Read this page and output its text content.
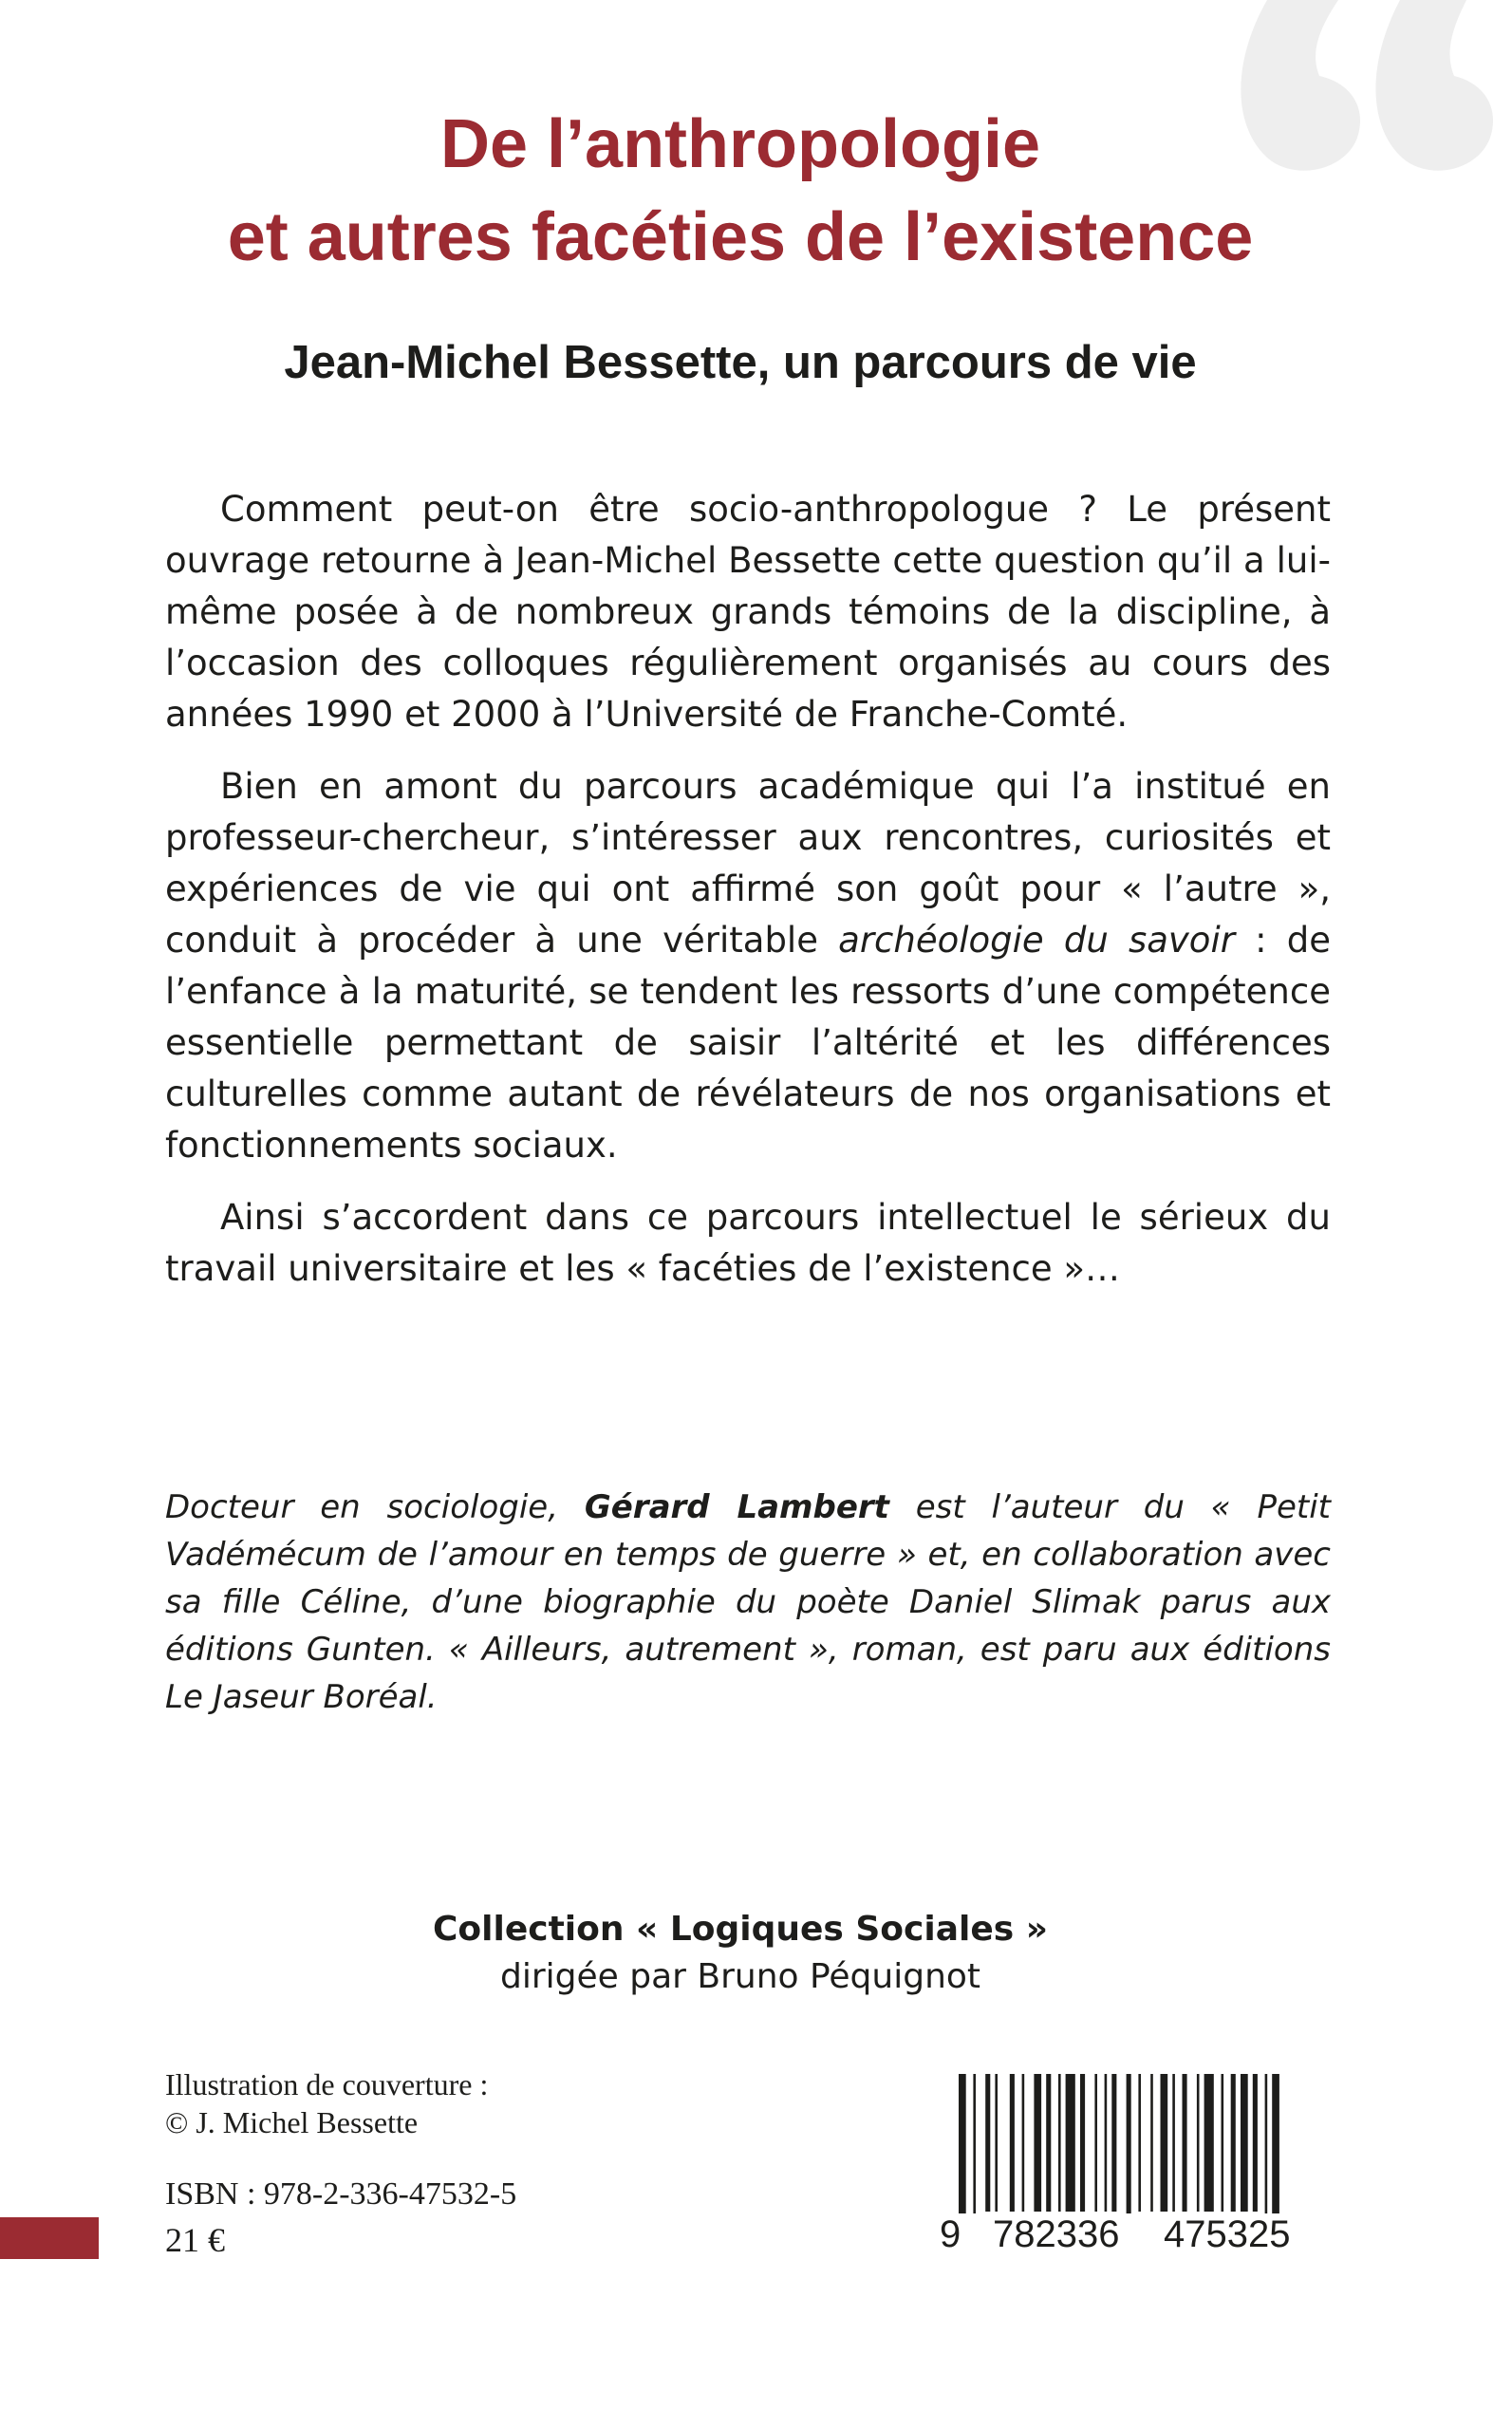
De l’anthropologie
et autres facéties de l’existence
Jean-Michel Bessette, un parcours de vie

Comment peut-on être socio-anthropologue ? Le présent ouvrage retourne à Jean-Michel Bessette cette question qu’il a lui-même posée à de nombreux grands témoins de la discipline, à l’occasion des colloques régulièrement organisés au cours des années 1990 et 2000 à l’Université de Franche-Comté.

Bien en amont du parcours académique qui l’a institué en professeur-chercheur, s’intéresser aux rencontres, curiosités et expériences de vie qui ont affirmé son goût pour « l’autre », conduit à procéder à une véritable archéologie du savoir : de l’enfance à la maturité, se tendent les ressorts d’une compétence essentielle permettant de saisir l’altérité et les différences culturelles comme autant de révélateurs de nos organisations et fonctionnements sociaux.

Ainsi s’accordent dans ce parcours intellectuel le sérieux du travail universitaire et les « facéties de l’existence »…

Docteur en sociologie, Gérard Lambert est l’auteur du « Petit Vadémécum de l’amour en temps de guerre » et, en collaboration avec sa fille Céline, d’une biographie du poète Daniel Slimak parus aux éditions Gunten. « Ailleurs, autrement », roman, est paru aux éditions Le Jaseur Boréal.

Collection « Logiques Sociales »
dirigée par Bruno Péquignot
Illustration de couverture :
© J. Michel Bessette
ISBN : 978-2-336-47532-5
21 €	9 782336 475325
